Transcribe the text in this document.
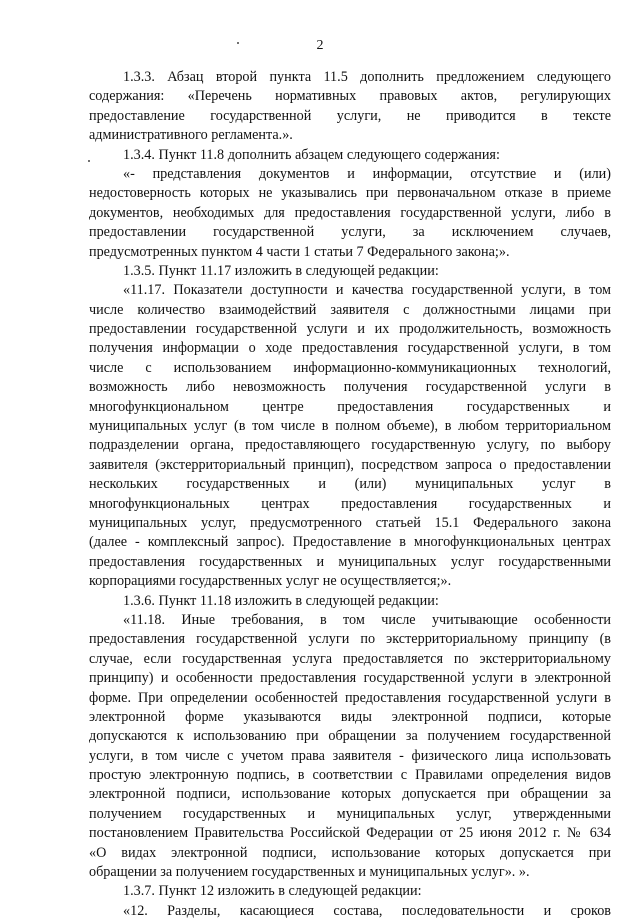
2
1.3.3. Абзац второй пункта 11.5 дополнить предложением следующего
содержания: «Перечень нормативных правовых актов, регулирующих
предоставление государственной услуги, не приводится в тексте
административного регламента.».
1.3.4. Пункт 11.8 дополнить абзацем следующего содержания:
«- представления документов и информации, отсутствие и (или)
недостоверность которых не указывались при первоначальном отказе в приеме
документов, необходимых для предоставления государственной услуги, либо в
предоставлении государственной услуги, за исключением случаев,
предусмотренных пунктом 4 части 1 статьи 7 Федерального закона;».
1.3.5. Пункт 11.17 изложить в следующей редакции:
«11.17. Показатели доступности и качества государственной услуги, в том
числе количество взаимодействий заявителя с должностными лицами при
предоставлении государственной услуги и их продолжительность, возможность
получения информации о ходе предоставления государственной услуги, в том
числе с использованием информационно-коммуникационных технологий,
возможность либо невозможность получения государственной услуги в
многофункциональном центре предоставления государственных и
муниципальных услуг (в том числе в полном объеме), в любом территориальном
подразделении органа, предоставляющего государственную услугу, по выбору
заявителя (экстерриториальный принцип), посредством запроса о предоставлении
нескольких государственных и (или) муниципальных услуг в
многофункциональных центрах предоставления государственных и
муниципальных услуг, предусмотренного статьей 15.1 Федерального закона
(далее - комплексный запрос). Предоставление в многофункциональных центрах
предоставления государственных и муниципальных услуг государственными
корпорациями государственных услуг не осуществляется;».
1.3.6. Пункт 11.18 изложить в следующей редакции:
«11.18. Иные требования, в том числе учитывающие особенности
предоставления государственной услуги по экстерриториальному принципу (в
случае, если государственная услуга предоставляется по экстерриториальному
принципу) и особенности предоставления государственной услуги в электронной
форме. При определении особенностей предоставления государственной услуги в
электронной форме указываются виды электронной подписи, которые
допускаются к использованию при обращении за получением государственной
услуги, в том числе с учетом права заявителя - физического лица использовать
простую электронную подпись, в соответствии с Правилами определения видов
электронной подписи, использование которых допускается при обращении за
получением государственных и муниципальных услуг, утвержденными
постановлением Правительства Российской Федерации от 25 июня 2012 г. № 634
«О видах электронной подписи, использование которых допускается при
обращении за получением государственных и муниципальных услуг». ».
1.3.7. Пункт 12 изложить в следующей редакции:
«12. Разделы, касающиеся состава, последовательности и сроков
